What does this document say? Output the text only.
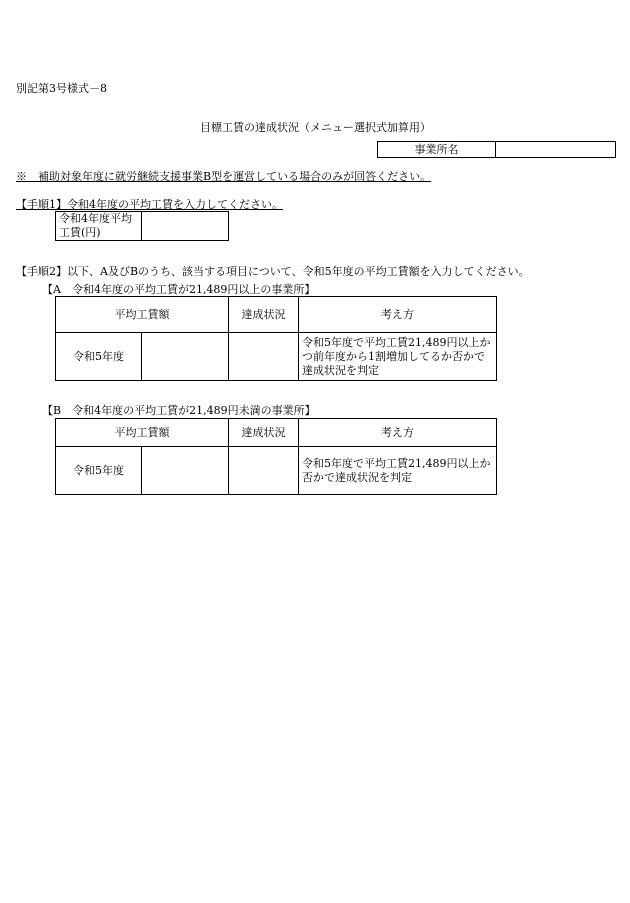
別記第3号様式－8
目標工賃の達成状況（メニュー選択式加算用）
事業所名	
※　補助対象年度に就労継続支援事業B型を運営している場合のみが回答ください。
【手順1】令和4年度の平均工賃を入力してください。
令和4年度平均工賃(円)	
【手順2】以下、A及びBのうち、該当する項目について、令和5年度の平均工賃額を入力してください。
【A　令和4年度の平均工賃が21,489円以上の事業所】
平均工賃額		達成状況	考え方
令和5年度			令和5年度で平均工賃21,489円以上かつ前年度から1割増加してるか否かで達成状況を判定
【B　令和4年度の平均工賃が21,489円未満の事業所】
平均工賃額		達成状況	考え方
令和5年度			令和5年度で平均工賃21,489円以上か否かで達成状況を判定
